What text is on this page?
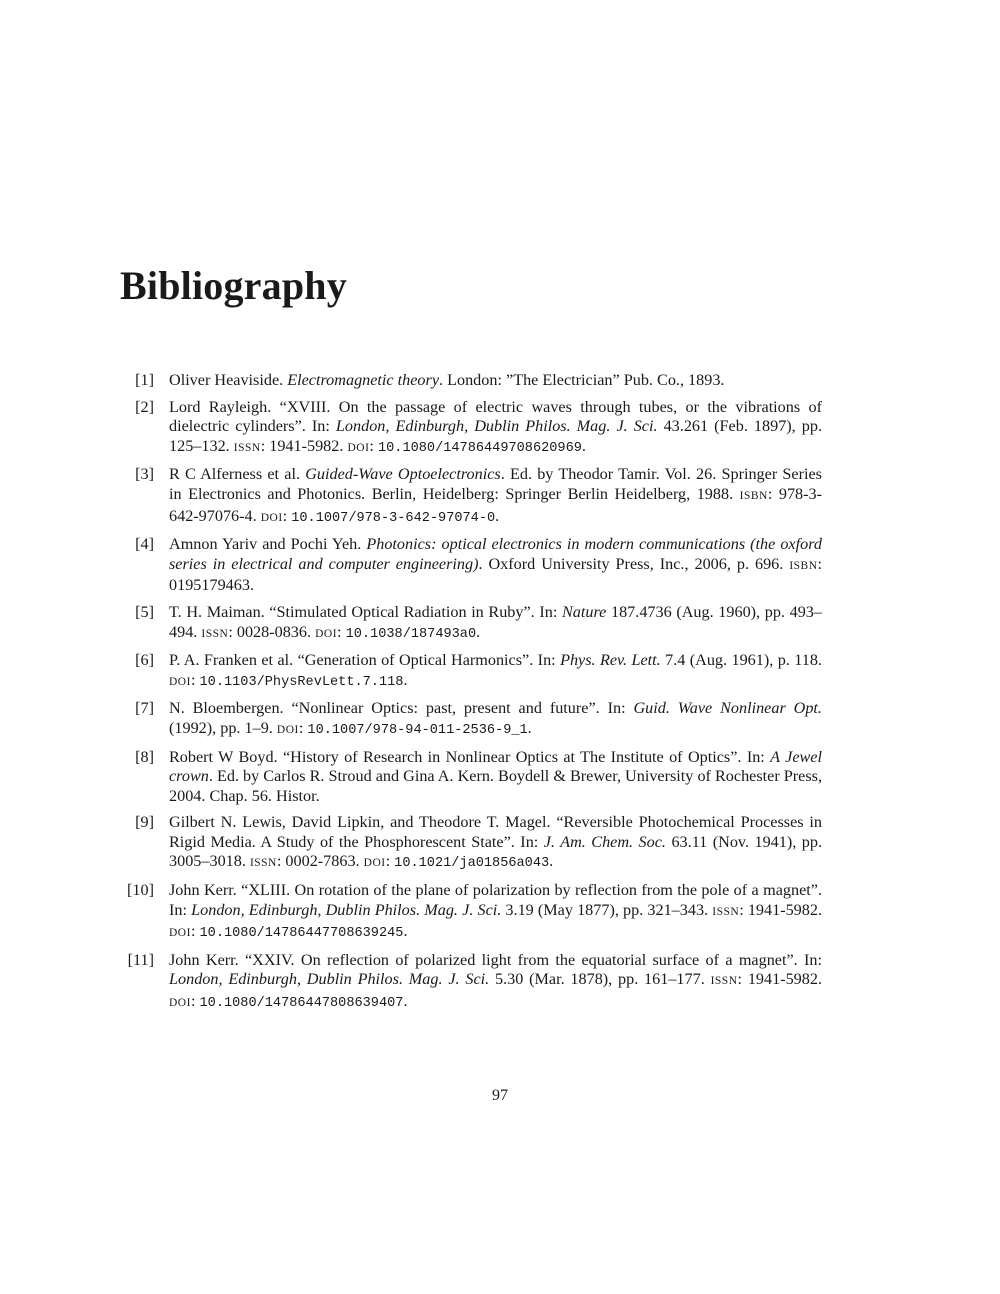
Bibliography
[1] Oliver Heaviside. Electromagnetic theory. London: ”The Electrician” Pub. Co., 1893.
[2] Lord Rayleigh. “XVIII. On the passage of electric waves through tubes, or the vibrations of dielectric cylinders”. In: London, Edinburgh, Dublin Philos. Mag. J. Sci. 43.261 (Feb. 1897), pp. 125–132. ISSN: 1941-5982. DOI: 10.1080/14786449708620969.
[3] R C Alferness et al. Guided-Wave Optoelectronics. Ed. by Theodor Tamir. Vol. 26. Springer Series in Electronics and Photonics. Berlin, Heidelberg: Springer Berlin Heidelberg, 1988. ISBN: 978-3-642-97076-4. DOI: 10.1007/978-3-642-97074-0.
[4] Amnon Yariv and Pochi Yeh. Photonics: optical electronics in modern communications (the oxford series in electrical and computer engineering). Oxford University Press, Inc., 2006, p. 696. ISBN: 0195179463.
[5] T. H. Maiman. “Stimulated Optical Radiation in Ruby”. In: Nature 187.4736 (Aug. 1960), pp. 493–494. ISSN: 0028-0836. DOI: 10.1038/187493a0.
[6] P. A. Franken et al. “Generation of Optical Harmonics”. In: Phys. Rev. Lett. 7.4 (Aug. 1961), p. 118. DOI: 10.1103/PhysRevLett.7.118.
[7] N. Bloembergen. “Nonlinear Optics: past, present and future”. In: Guid. Wave Nonlinear Opt. (1992), pp. 1–9. DOI: 10.1007/978-94-011-2536-9_1.
[8] Robert W Boyd. “History of Research in Nonlinear Optics at The Institute of Optics”. In: A Jewel crown. Ed. by Carlos R. Stroud and Gina A. Kern. Boydell & Brewer, University of Rochester Press, 2004. Chap. 56. Histor.
[9] Gilbert N. Lewis, David Lipkin, and Theodore T. Magel. “Reversible Photochemical Processes in Rigid Media. A Study of the Phosphorescent State”. In: J. Am. Chem. Soc. 63.11 (Nov. 1941), pp. 3005–3018. ISSN: 0002-7863. DOI: 10.1021/ja01856a043.
[10] John Kerr. “XLIII. On rotation of the plane of polarization by reflection from the pole of a magnet”. In: London, Edinburgh, Dublin Philos. Mag. J. Sci. 3.19 (May 1877), pp. 321–343. ISSN: 1941-5982. DOI: 10.1080/14786447708639245.
[11] John Kerr. “XXIV. On reflection of polarized light from the equatorial surface of a magnet”. In: London, Edinburgh, Dublin Philos. Mag. J. Sci. 5.30 (Mar. 1878), pp. 161–177. ISSN: 1941-5982. DOI: 10.1080/14786447808639407.
97
